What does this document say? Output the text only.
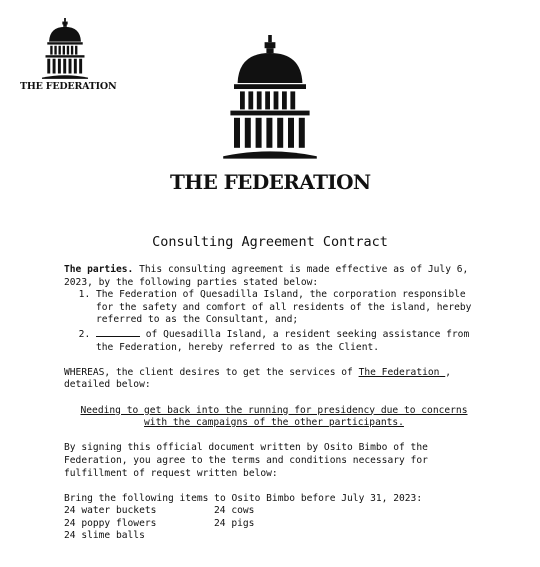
THE FEDERATION
THE FEDERATION
Consulting Agreement Contract

The parties. This consulting agreement is made effective as of July 6, 2023, by the following parties stated below:

1. The Federation of Quesadilla Island, the corporation responsible for the safety and comfort of all residents of the island, hereby referred to as the Consultant, and;
2. of Quesadilla Island, a resident seeking assistance from the Federation, hereby referred to as the Client.

WHEREAS, the client desires to get the services of The Federation , detailed below:

Needing to get back into the running for presidency due to concerns with the campaigns of the other participants.

By signing this official document written by Osito Bimbo of the Federation, you agree to the terms and conditions necessary for fulfillment of request written below:

Bring the following items to Osito Bimbo before July 31, 2023:

24 water buckets	24 cows
24 poppy flowers	24 pigs
24 slime balls
